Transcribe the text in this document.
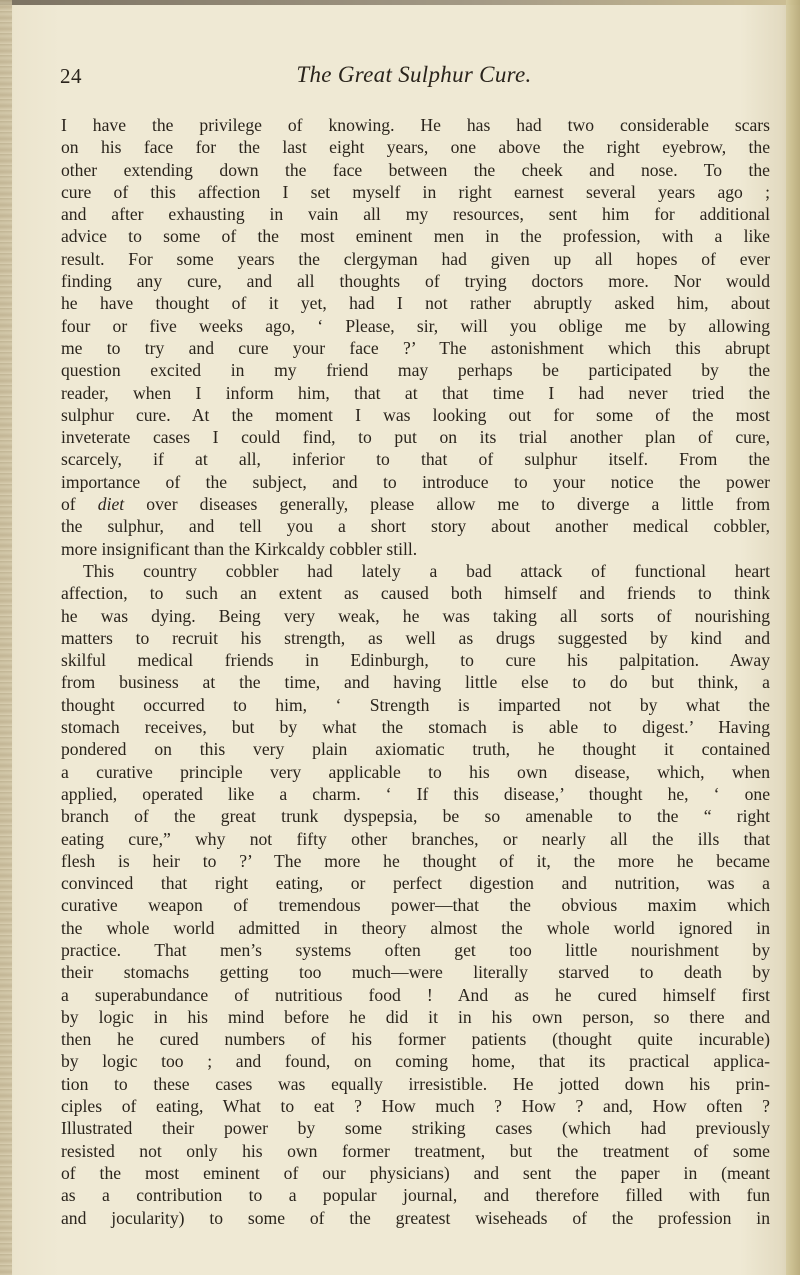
24	The Great Sulphur Cure.
I have the privilege of knowing. He has had two considerable scars
on his face for the last eight years, one above the right eyebrow, the
other extending down the face between the cheek and nose. To the
cure of this affection I set myself in right earnest several years ago ;
and after exhausting in vain all my resources, sent him for additional
advice to some of the most eminent men in the profession, with a like
result. For some years the clergyman had given up all hopes of ever
finding any cure, and all thoughts of trying doctors more. Nor would
he have thought of it yet, had I not rather abruptly asked him, about
four or five weeks ago, ‘ Please, sir, will you oblige me by allowing
me to try and cure your face ?’ The astonishment which this abrupt
question excited in my friend may perhaps be participated by the
reader, when I inform him, that at that time I had never tried the
sulphur cure. At the moment I was looking out for some of the most
inveterate cases I could find, to put on its trial another plan of cure,
scarcely, if at all, inferior to that of sulphur itself. From the
importance of the subject, and to introduce to your notice the power
of diet over diseases generally, please allow me to diverge a little from
the sulphur, and tell you a short story about another medical cobbler,
more insignificant than the Kirkcaldy cobbler still.
This country cobbler had lately a bad attack of functional heart
affection, to such an extent as caused both himself and friends to think
he was dying. Being very weak, he was taking all sorts of nourishing
matters to recruit his strength, as well as drugs suggested by kind and
skilful medical friends in Edinburgh, to cure his palpitation. Away
from business at the time, and having little else to do but think, a
thought occurred to him, ‘ Strength is imparted not by what the
stomach receives, but by what the stomach is able to digest.’ Having
pondered on this very plain axiomatic truth, he thought it contained
a curative principle very applicable to his own disease, which, when
applied, operated like a charm. ‘ If this disease,’ thought he, ‘ one
branch of the great trunk dyspepsia, be so amenable to the “ right
eating cure,” why not fifty other branches, or nearly all the ills that
flesh is heir to ?’ The more he thought of it, the more he became
convinced that right eating, or perfect digestion and nutrition, was a
curative weapon of tremendous power—that the obvious maxim which
the whole world admitted in theory almost the whole world ignored in
practice. That men’s systems often get too little nourishment by
their stomachs getting too much—were literally starved to death by
a superabundance of nutritious food ! And as he cured himself first
by logic in his mind before he did it in his own person, so there and
then he cured numbers of his former patients (thought quite incurable)
by logic too ; and found, on coming home, that its practical applica-
tion to these cases was equally irresistible. He jotted down his prin-
ciples of eating, What to eat ? How much ? How ? and, How often ?
Illustrated their power by some striking cases (which had previously
resisted not only his own former treatment, but the treatment of some
of the most eminent of our physicians) and sent the paper in (meant
as a contribution to a popular journal, and therefore filled with fun
and jocularity) to some of the greatest wiseheads of the profession in
